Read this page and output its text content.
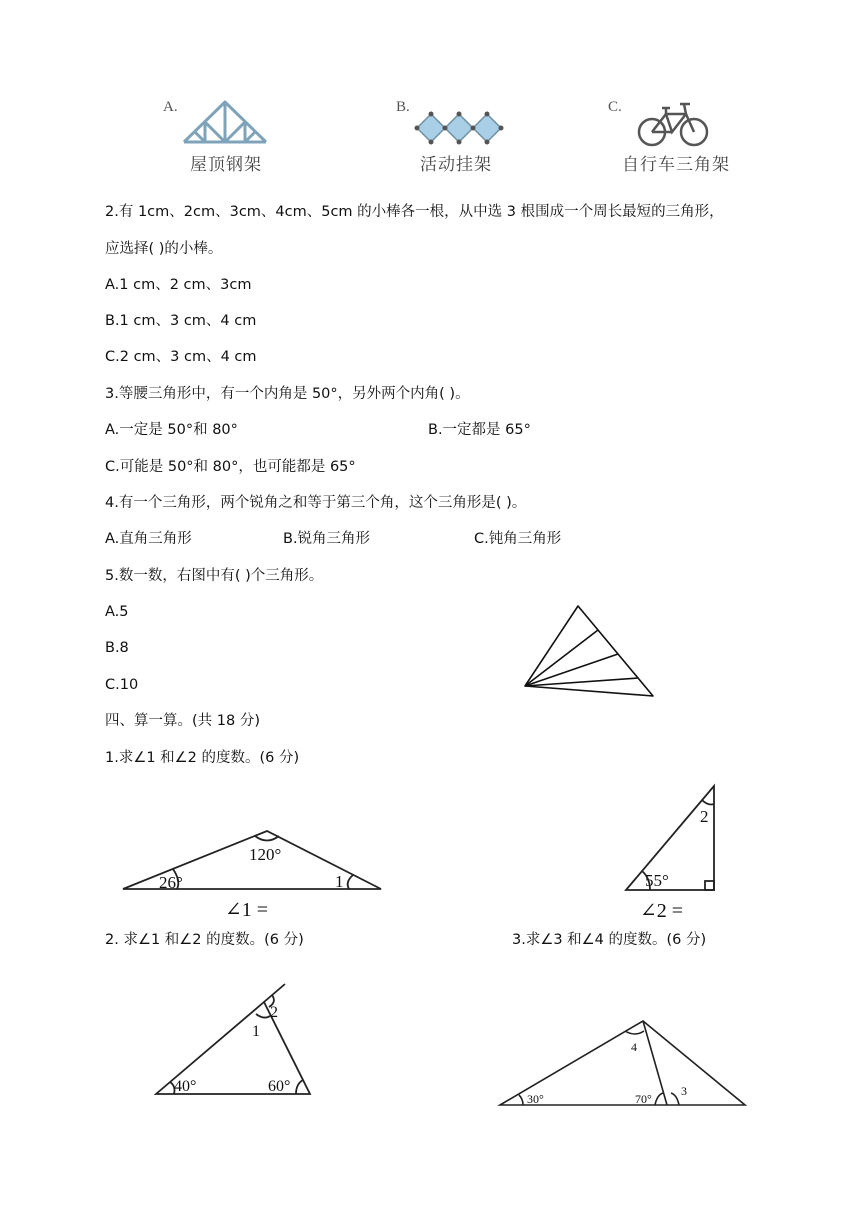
A.
屋顶钢架
B.
活动挂架
C.
自行车三角架
2.有 1cm、2cm、3cm、4cm、5cm 的小棒各一根，从中选 3 根围成一个周长最短的三角形，
应选择( )的小棒。
A.1 cm、2 cm、3cm
B.1 cm、3 cm、4 cm
C.2 cm、3 cm、4 cm
3.等腰三角形中，有一个内角是 50°，另外两个内角( )。
A.一定是 50°和 80°	B.一定都是 65°
C.可能是 50°和 80°，也可能都是 65°
4.有一个三角形，两个锐角之和等于第三个角，这个三角形是( )。
A.直角三角形	B.锐角三角形	C.钝角三角形
5.数一数，右图中有( )个三角形。
A.5
B.8
C.10
四、算一算。(共 18 分)
1.求∠1 和∠2 的度数。(6 分)
120°
26°	1
∠1 =
2
55°
∠2 =
2. 求∠1 和∠2 的度数。(6 分)	3.求∠3 和∠4 的度数。(6 分)
2
1
40°	60°
4
30°	70°
3
